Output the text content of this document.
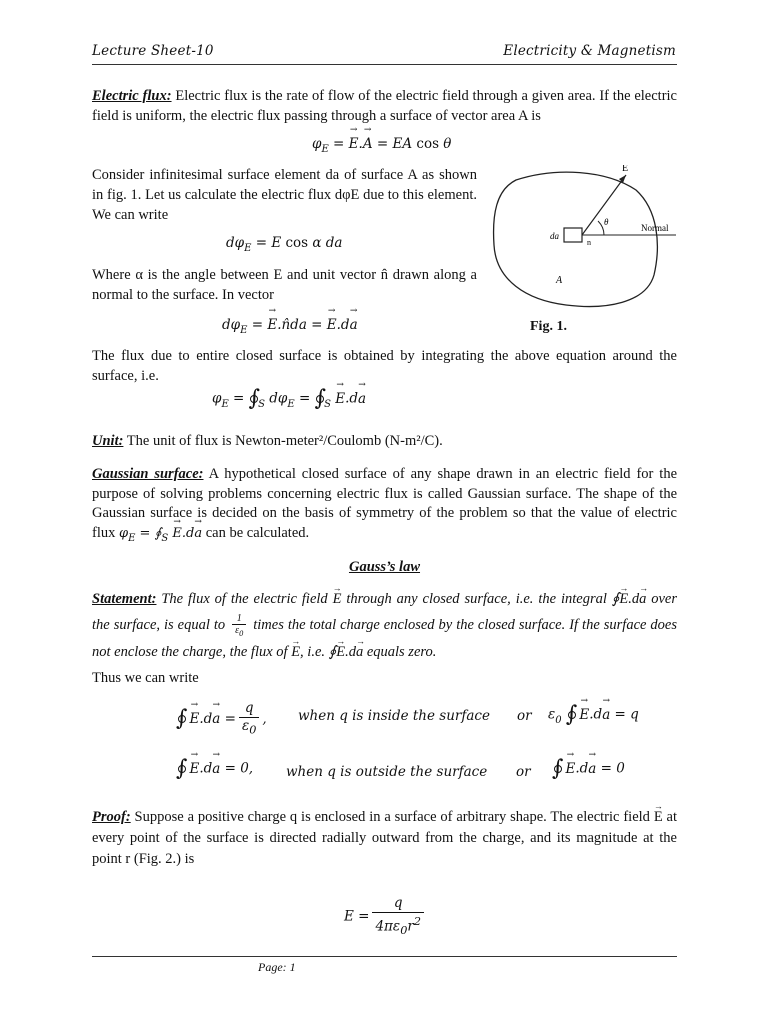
Lecture Sheet-10	Electricity & Magnetism
Electric flux: Electric flux is the rate of flow of the electric field through a given area. If the electric field is uniform, the electric flux passing through a surface of vector area A is
$\varphi_E$ = → E.→ A = EA cos θ
Consider infinitesimal surface element da of surface A as shown in fig. 1. Let us calculate the electric flux dφE due to this element. We can write
$d\varphi_E = E$ cos α da
Where α is the angle between E and unit vector n̂ drawn along a normal to the surface. In vector
$d\varphi_E$ = → E.n̂da = → E.d→ a
da
E
Normal
A
θ
n
Fig. 1.
The flux due to entire closed surface is obtained by integrating the above equation around the surface, i.e.
$\varphi_E = \int_S$ $d\varphi_E = \int_S \to E.d\to a$
Unit: The unit of flux is Newton-meter²/Coulomb (N-m²/C).
Gaussian surface: A hypothetical closed surface of any shape drawn in an electric field for the purpose of solving problems concerning electric flux is called Gaussian surface. The shape of the Gaussian surface is decided on the basis of symmetry of the problem so that the value of electric flux $\varphi_E$ = $∮_S \to E.d\to a$ can be calculated.
Gauss’s law
Statement: The flux of the electric field → E through any closed surface, i.e. the integral ∮→ E.d→ a over the surface, is equal to $\frac{1}{\varepsilon_0}$ times the total charge enclosed by the closed surface. If the surface does not enclose the charge, the flux of → E, i.e. ∮→ E.d→ a equals zero.
Thus we can write
∫ → $E.d\to a = \frac{q}{\varepsilon_0}$ , when q is inside the surface or $\varepsilon_0$ ∫ → E.d→ a = q
∫ → E.d→ a = 0, when q is outside the surface or ∫ → E.d→ a = 0
Proof: Suppose a positive charge q is enclosed in a surface of arbitrary shape. The electric field → E at every point of the surface is directed radially outward from the charge, and its magnitude at the point r (Fig. 2.) is
$E = \frac{q}{4\pi\varepsilon_0r^2}$
Page: 1
